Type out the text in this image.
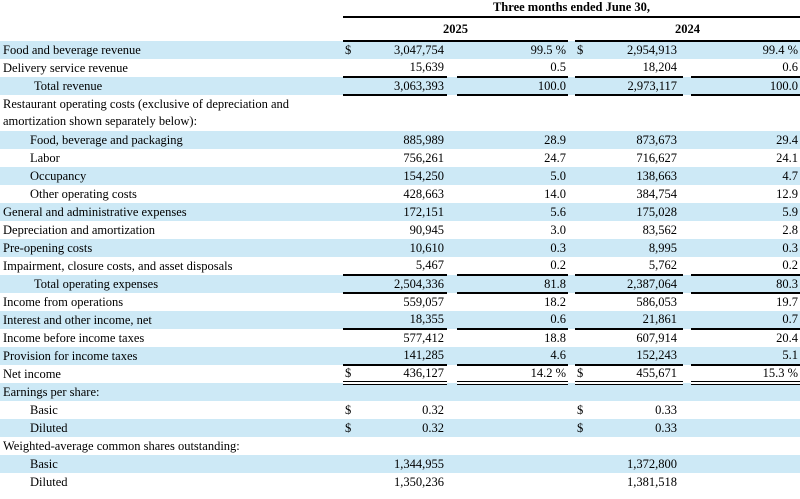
	Three months ended June 30,						
	2025				2024		
Food and beverage revenue	$ 3,047,754		99.5 %		$ 2,954,913		99.4 %
Delivery service revenue	15,639		0.5		18,204		0.6
Total revenue	3,063,393		100.0		2,973,117		100.0
Restaurant operating costs (exclusive of depreciation and amortization shown separately below):	

Food, beverage and packaging	885,989		28.9		873,673		29.4
Labor	756,261		24.7		716,627		24.1
Occupancy	154,250		5.0		138,663		4.7
Other operating costs	428,663		14.0		384,754		12.9
General and administrative expenses	172,151		5.6		175,028		5.9
Depreciation and amortization	90,945		3.0		83,562		2.8
Pre-opening costs	10,610		0.3		8,995		0.3
Impairment, closure costs, and asset disposals	5,467		0.2		5,762		0.2
Total operating expenses	2,504,336		81.8		2,387,064		80.3
Income from operations	559,057		18.2		586,053		19.7
Interest and other income, net	18,355		0.6		21,861		0.7
Income before income taxes	577,412		18.8		607,914		20.4
Provision for income taxes	141,285		4.6		152,243		5.1
Net income	$ 436,127		14.2 %		$ 455,671		15.3 %
Earnings per share:	

Basic	$ 0.32				$ 0.33		

Diluted	$ 0.32				$ 0.33		

Weighted-average common shares outstanding:	

Basic	1,344,955				1,372,800		

Diluted	1,350,236				1,381,518		
